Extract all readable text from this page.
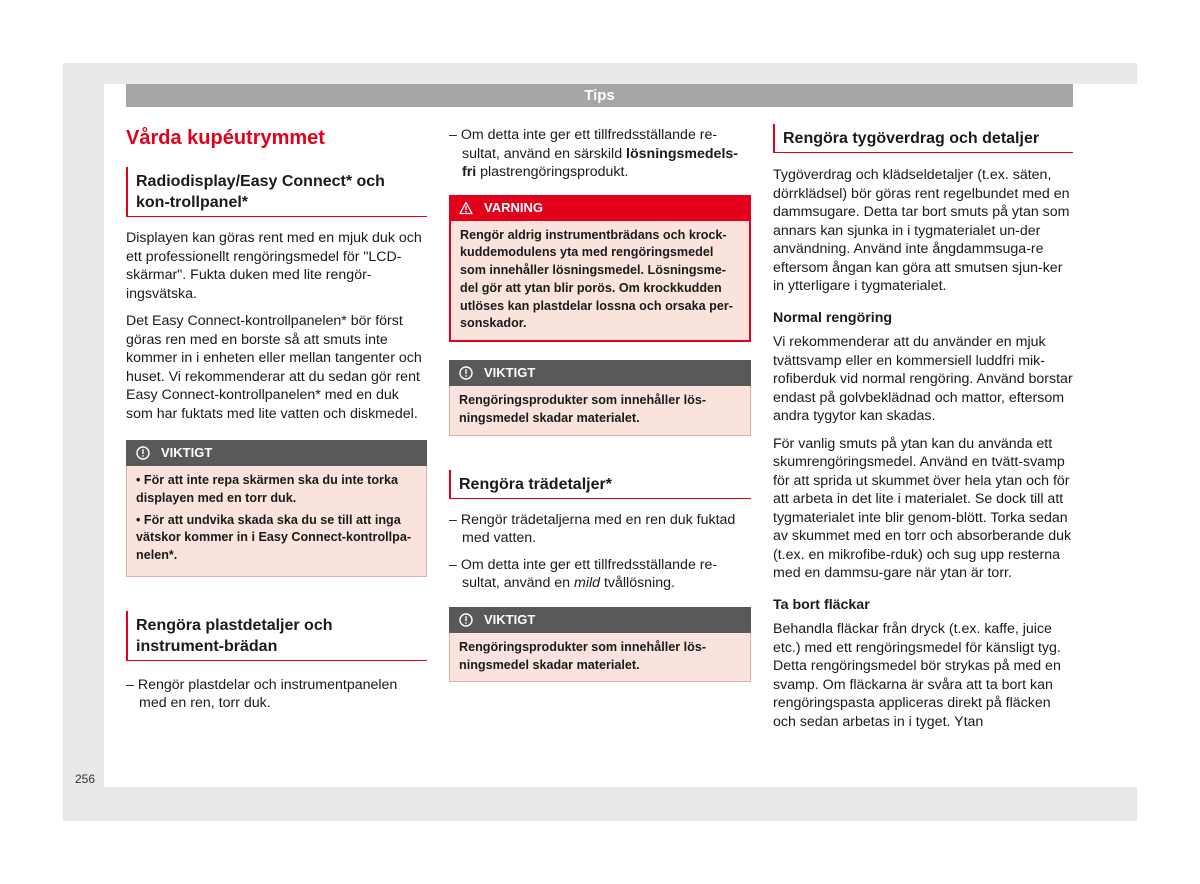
Tips
256
Vårda kupéutrymmet
Radiodisplay/Easy Connect* och kon-trollpanel*

Displayen kan göras rent med en mjuk duk och ett professionellt rengöringsmedel för "LCD-skärmar". Fukta duken med lite rengör-ingsvätska.

Det Easy Connect-kontrollpanelen* bör först göras ren med en borste så att smuts inte kommer in i enheten eller mellan tangenter och huset. Vi rekommenderar att du sedan gör rent Easy Connect-kontrollpanelen* med en duk som har fuktats med lite vatten och diskmedel.

VIKTIGT
• För att inte repa skärmen ska du inte torka displayen med en torr duk.
• För att undvika skada ska du se till att inga vätskor kommer in i Easy Connect-kontrollpa-nelen*.
Rengöra plastdetaljer och instrument-brädan
– Rengör plastdelar och instrumentpanelen med en ren, torr duk.
– Om detta inte ger ett tillfredsställande re-sultat, använd en särskild lösningsmedels-fri plastrengöringsprodukt.
VARNING
Rengör aldrig instrumentbrädans och krock-kuddemodulens yta med rengöringsmedel som innehåller lösningsmedel. Lösningsme-del gör att ytan blir porös. Om krockkudden utlöses kan plastdelar lossna och orsaka per-sonskador.
VIKTIGT
Rengöringsprodukter som innehåller lös-ningsmedel skadar materialet.
Rengöra trädetaljer*
– Rengör trädetaljerna med en ren duk fuktad med vatten.
– Om detta inte ger ett tillfredsställande re-sultat, använd en mild tvållösning.
VIKTIGT
Rengöringsprodukter som innehåller lös-ningsmedel skadar materialet.
Rengöra tygöverdrag och detaljer

Tygöverdrag och klädseldetaljer (t.ex. säten, dörrklädsel) bör göras rent regelbundet med en dammsugare. Detta tar bort smuts på ytan som annars kan sjunka in i tygmaterialet un-der användning. Använd inte ångdammsuga-re eftersom ångan kan göra att smutsen sjun-ker in ytterligare i tygmaterialet.

Normal rengöring

Vi rekommenderar att du använder en mjuk tvättsvamp eller en kommersiell luddfri mik-rofiberduk vid normal rengöring. Använd borstar endast på golvbeklädnad och mattor, eftersom andra tygytor kan skadas.

För vanlig smuts på ytan kan du använda ett skumrengöringsmedel. Använd en tvätt-svamp för att sprida ut skummet över hela ytan och för att arbeta in det lite i materialet. Se dock till att tygmaterialet inte blir genom-blött. Torka sedan av skummet med en torr och absorberande duk (t.ex. en mikrofibe-rduk) och sug upp resterna med en dammsu-gare när ytan är torr.

Ta bort fläckar

Behandla fläckar från dryck (t.ex. kaffe, juice etc.) med ett rengöringsmedel för känsligt tyg. Detta rengöringsmedel bör strykas på med en svamp. Om fläckarna är svåra att ta bort kan rengöringspasta appliceras direkt på fläcken och sedan arbetas in i tyget. Ytan
